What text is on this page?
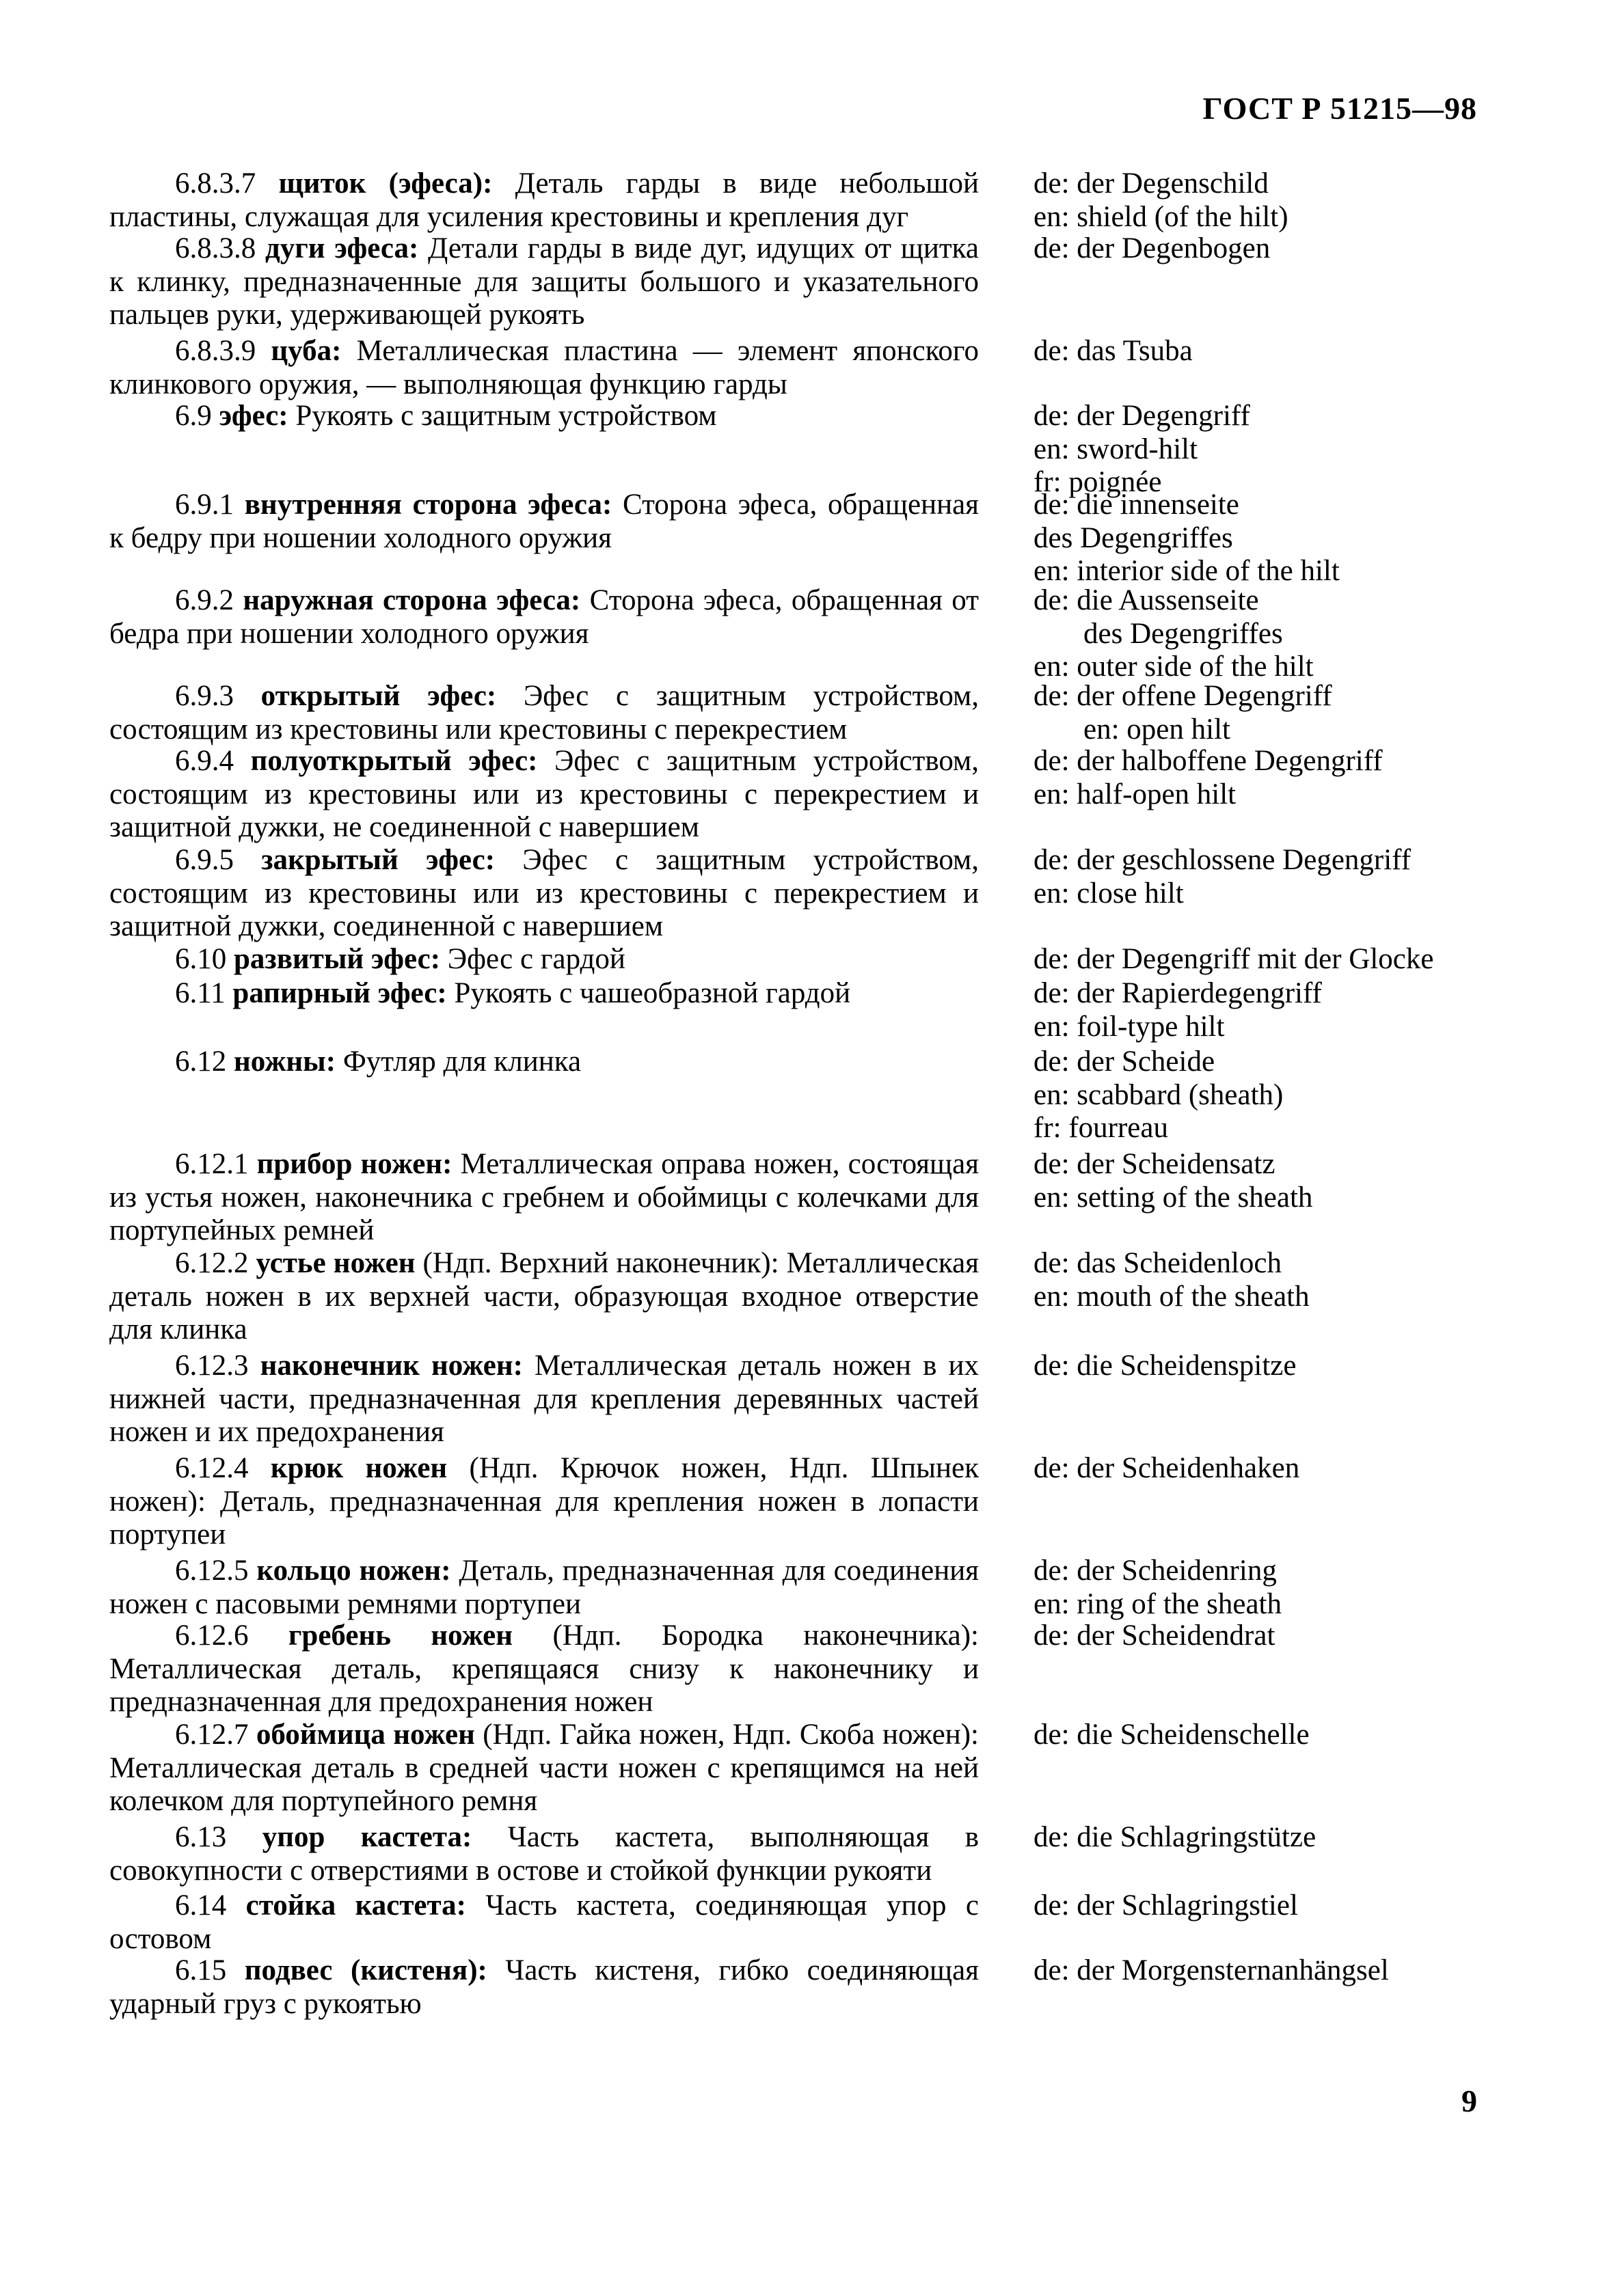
ГОСТ Р 51215—98

6.8.3.7 щиток (эфеса): Деталь гарды в виде небольшой пластины, служащая для усиления крестовины и крепления дуг

de: der Degenschild
en: shield (of the hilt)

6.8.3.8 дуги эфеса: Детали гарды в виде дуг, идущих от щитка к клинку, предназначенные для защиты большого и указательного пальцев руки, удерживающей рукоять

de: der Degenbogen

6.8.3.9 цуба: Металлическая пластина — элемент японского клинкового оружия, — выполняющая функцию гарды

de: das Tsuba

6.9 эфес: Рукоять с защитным устройством	de: der Degengriff
en: sword-hilt
fr: poignée

6.9.1 внутренняя сторона эфеса: Сторона эфеса, обращенная к бедру при ношении холодного оружия

de: die innenseite
des Degengriffes
en: interior side of the hilt

6.9.2 наружная сторона эфеса: Сторона эфеса, обращенная от бедра при ношении холодного оружия

de: die Aussenseite
des Degengriffes
en: outer side of the hilt

6.9.3 открытый эфес: Эфес с защитным устройством, состоящим из крестовины или крестовины с перекрестием

de: der offene Degengriff
en: open hilt

6.9.4 полуоткрытый эфес: Эфес с защитным устройством, состоящим из крестовины или из крестовины с перекрестием и защитной дужки, не соединенной с навершием

de: der halboffene Degengriff
en: half-open hilt

6.9.5 закрытый эфес: Эфес с защитным устройством, состоящим из крестовины или из крестовины с перекрестием и защитной дужки, соединенной с навершием

de: der geschlossene Degengriff
en: close hilt

6.10 развитый эфес: Эфес с гардой	de: der Degengriff mit der Glocke

6.11 рапирный эфес: Рукоять с чашеобразной гардой	de: der Rapierdegengriff
en: foil-type hilt

6.12 ножны: Футляр для клинка	de: der Scheide
en: scabbard (sheath)
fr: fourreau

6.12.1 прибор ножен: Металлическая оправа ножен, состоящая из устья ножен, наконечника с гребнем и обоймицы с колечками для портупейных ремней

de: der Scheidensatz
en: setting of the sheath

6.12.2 устье ножен (Ндп. Верхний наконечник): Металлическая деталь ножен в их верхней части, образующая входное отверстие для клинка

de: das Scheidenloch
en: mouth of the sheath

6.12.3 наконечник ножен: Металлическая деталь ножен в их нижней части, предназначенная для крепления деревянных частей ножен и их предохранения

de: die Scheidenspitze

6.12.4 крюк ножен (Ндп. Крючок ножен, Ндп. Шпынек ножен): Деталь, предназначенная для крепления ножен в лопасти портупеи

de: der Scheidenhaken

6.12.5 кольцо ножен: Деталь, предназначенная для соединения ножен с пасовыми ремнями портупеи

de: der Scheidenring
en: ring of the sheath

6.12.6 гребень ножен (Ндп. Бородка наконечника): Металлическая деталь, крепящаяся снизу к наконечнику и предназначенная для предохранения ножен

de: der Scheidendrat

6.12.7 обоймица ножен (Ндп. Гайка ножен, Ндп. Скоба ножен): Металлическая деталь в средней части ножен с крепящимся на ней колечком для портупейного ремня

de: die Scheidenschelle

6.13 упор кастета: Часть кастета, выполняющая в совокупности с отверстиями в остове и стойкой функции рукояти

de: die Schlagringstütze

6.14 стойка кастета: Часть кастета, соединяющая упор с остовом

de: der Schlagringstiel

6.15 подвес (кистеня): Часть кистеня, гибко соединяющая ударный груз с рукоятью

de: der Morgensternanhängsel
9
